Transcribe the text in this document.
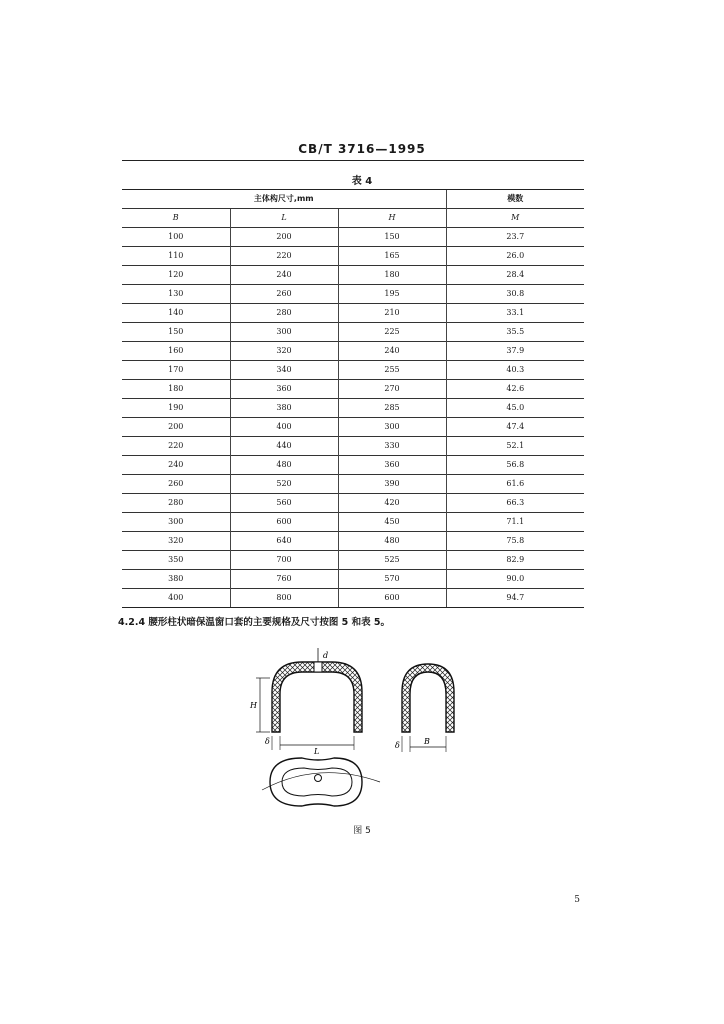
CB/T 3716—1995
表 4
主体构尺寸,mm			模数
B	L	H	M
100	200	150	23.7
110	220	165	26.0
120	240	180	28.4
130	260	195	30.8
140	280	210	33.1
150	300	225	35.5
160	320	240	37.9
170	340	255	40.3
180	360	270	42.6
190	380	285	45.0
200	400	300	47.4
220	440	330	52.1
240	480	360	56.8
260	520	390	61.6
280	560	420	66.3
300	600	450	71.1
320	640	480	75.8
350	700	525	82.9
380	760	570	90.0
400	800	600	94.7
4.2.4 腰形柱状暗保温窗口套的主要规格及尺寸按图 5 和表 5。
d
H
δ
L
δ	B
图 5
5
